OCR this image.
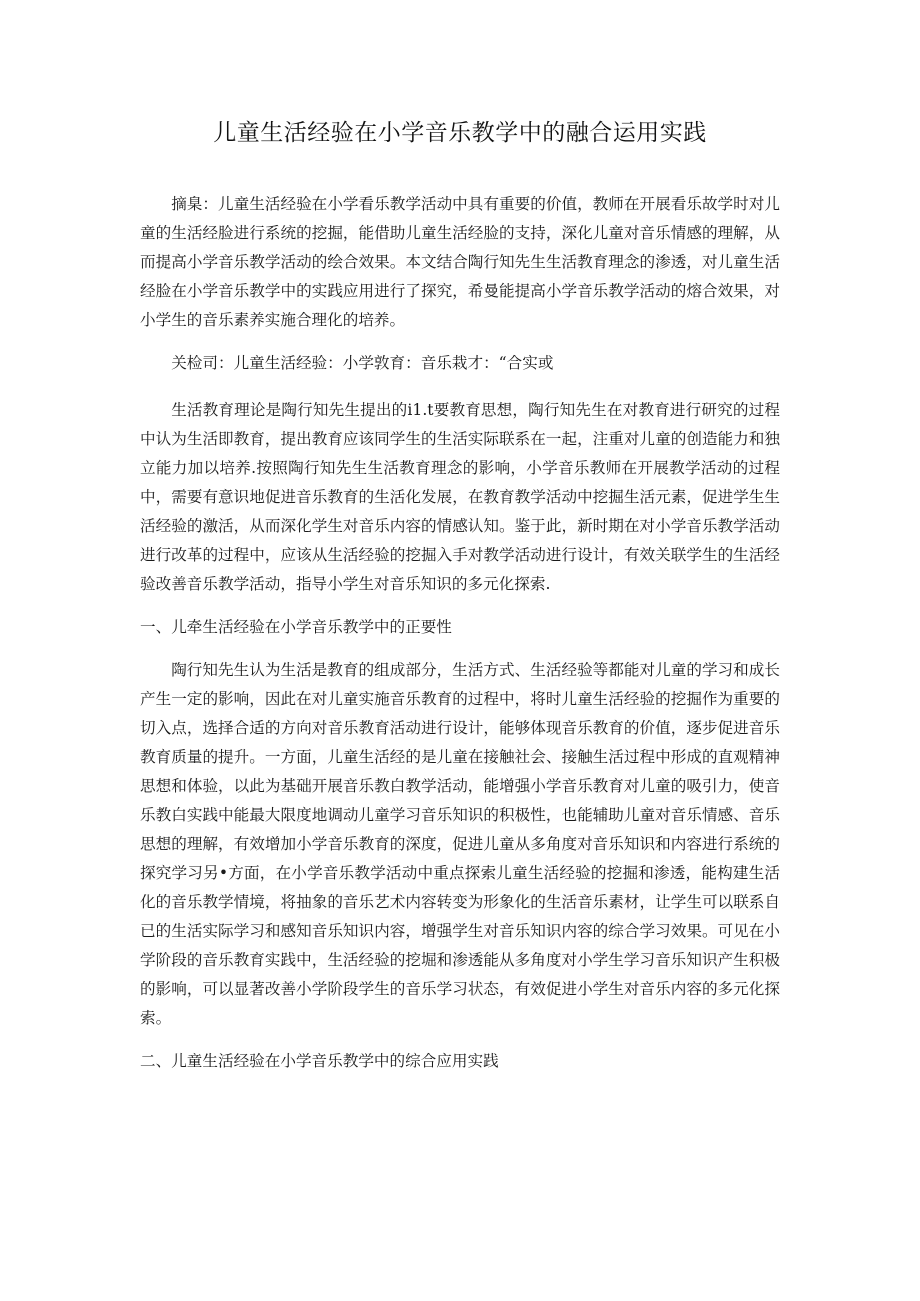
儿童生活经验在小学音乐教学中的融合运用实践

摘臬：儿童生活经验在小学看乐教学活动中具有重要的价值，教师在开展看乐故学时对儿童的生活经脸进行系统的挖掘，能借助儿童生活经脸的支持，深化儿童对音乐情感的理解，从而提高小学音乐教学活动的绘合效果。本文结合陶行知先生生活教育理念的渗透，对儿童生活经脸在小学音乐教学中的实践应用进行了探究，希曼能提高小学音乐教学活动的熔合效果，对小学生的音乐素养实施合理化的培养。

关检司：儿童生活经验：小学敦育：音乐栽才：“合实或

生活教育理论是陶行知先生提出的i1.t要教育思想，陶行知先生在对教育进行研究的过程中认为生活即教育，提出教育应该同学生的生活实际联系在一起，注重对儿童的创造能力和独立能力加以培养.按照陶行知先生生活教育理念的影响，小学音乐教师在开展教学活动的过程中，需要有意识地促进音乐教育的生活化发展，在教育教学活动中挖掘生活元素，促进学生生活经验的激活，从而深化学生对音乐内容的情感认知。鉴于此，新时期在对小学音乐教学活动进行改革的过程中，应该从生活经验的挖掘入手对教学活动进行设计，有效关联学生的生活经验改善音乐教学活动，指导小学生对音乐知识的多元化探索.

一、儿牵生活经验在小学音乐教学中的正要性

陶行知先生认为生活是教育的组成部分，生活方式、生活经验等都能对儿童的学习和成长产生一定的影响，因此在对儿童实施音乐教育的过程中，将时儿童生活经验的挖掘作为重要的切入点，选择合适的方向对音乐教育活动进行设计，能够体现音乐教育的价值，逐步促进音乐教育质量的提升。一方面，儿童生活经的是儿童在接触社会、接触生活过程中形成的直观精神思想和体验，以此为基础开展音乐教白教学活动，能增强小学音乐教育对儿童的吸引力，使音乐教白实践中能最大限度地调动儿童学习音乐知识的积极性，也能辅助儿童对音乐情感、音乐思想的理解，有效增加小学音乐教育的深度，促进儿童从多角度对音乐知识和内容进行系统的探究学习另•方面，在小学音乐教学活动中重点探索儿童生活经验的挖掘和渗透，能构建生活化的音乐教学情境，将抽象的音乐艺术内容转变为形象化的生活音乐素材，让学生可以联系自已的生活实际学习和感知音乐知识内容，增强学生对音乐知识内容的综合学习效果。可见在小学阶段的音乐教育实践中，生活经验的挖堀和渗透能从多角度对小学生学习音乐知识产生积极的影响，可以显著改善小学阶段学生的音乐学习状态，有效促进小学生对音乐内容的多元化探索。

二、儿童生活经验在小学音乐教学中的综合应用实践
